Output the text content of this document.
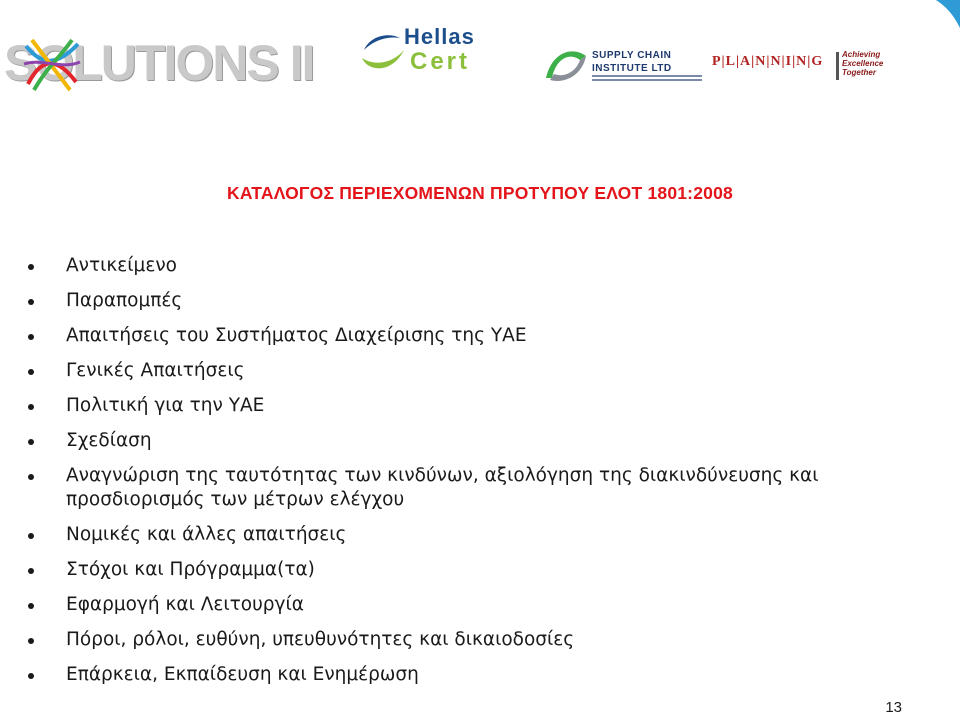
SOLUTIONS II	Hellas
Cert	SUPPLY CHAIN
INSTITUTE LTD	P|L|A|N|N|I|N|G Achieving
Excellence
Together
ΚΑΤΑΛΟΓΟΣ ΠΕΡΙΕΧΟΜΕΝΩΝ ΠΡΟΤΥΠΟΥ ΕΛΟΤ 1801:2008
Αντικείμενο
Παραπομπές
Απαιτήσεις του Συστήματος Διαχείρισης της ΥΑΕ
Γενικές Απαιτήσεις
Πολιτική για την ΥΑΕ
Σχεδίαση
Αναγνώριση της ταυτότητας των κινδύνων, αξιολόγηση της διακινδύνευσης και προσδιορισμός των μέτρων ελέγχου
Νομικές και άλλες απαιτήσεις
Στόχοι και Πρόγραμμα(τα)
Εφαρμογή και Λειτουργία
Πόροι, ρόλοι, ευθύνη, υπευθυνότητες και δικαιοδοσίες
Επάρκεια, Εκπαίδευση και Ενημέρωση
13
